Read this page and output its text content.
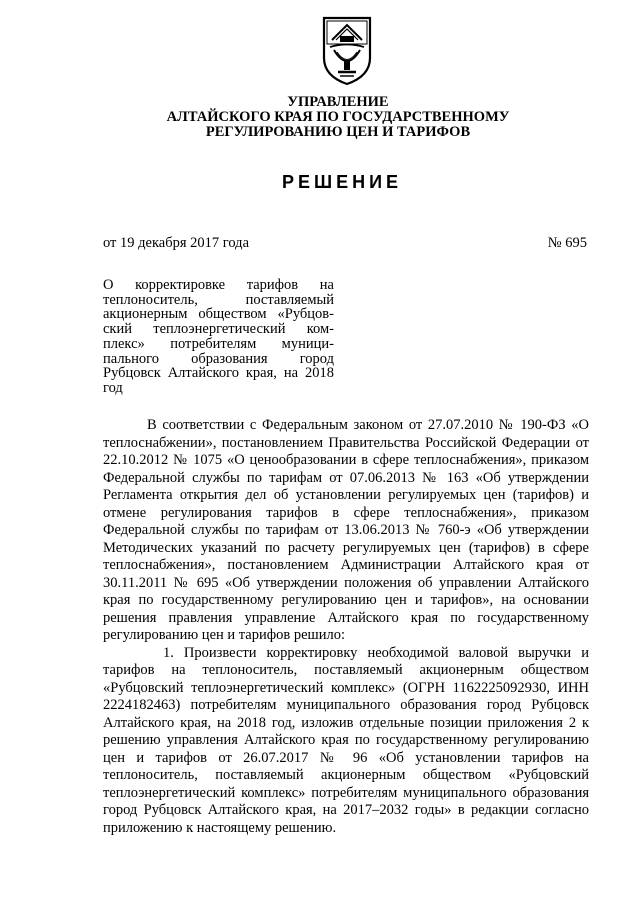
УПРАВЛЕНИЕ
АЛТАЙСКОГО КРАЯ ПО ГОСУДАРСТВЕННОМУ
РЕГУЛИРОВАНИЮ ЦЕН И ТАРИФОВ
РЕШЕНИЕ
от 19 декабря 2017 года	№ 695
О корректировке тарифов на теплоноситель, поставляемый акционерным обществом «Рубцовский теплоэнергетический комплекс» потребителям муниципального образования город Рубцовск Алтайского края, на 2018 год

В соответствии с Федеральным законом от 27.07.2010 № 190-ФЗ «О теплоснабжении», постановлением Правительства Российской Федерации от 22.10.2012 № 1075 «О ценообразовании в сфере теплоснабжения», приказом Федеральной службы по тарифам от 07.06.2013 № 163 «Об утверждении Регламента открытия дел об установлении регулируемых цен (тарифов) и отмене регулирования тарифов в сфере теплоснабжения», приказом Федеральной службы по тарифам от 13.06.2013 № 760-э «Об утверждении Методических указаний по расчету регулируемых цен (тарифов) в сфере теплоснабжения», постановлением Администрации Алтайского края от 30.11.2011 № 695 «Об утверждении положения об управлении Алтайского края по государственному регулированию цен и тарифов», на основании решения правления управление Алтайского края по государственному регулированию цен и тарифов решило:

1. Произвести корректировку необходимой валовой выручки и тарифов на теплоноситель, поставляемый акционерным обществом «Рубцовский теплоэнергетический комплекс» (ОГРН 1162225092930, ИНН 2224182463) потребителям муниципального образования город Рубцовск Алтайского края, на 2018 год, изложив отдельные позиции приложения 2 к решению управления Алтайского края по государственному регулированию цен и тарифов от 26.07.2017 № 96 «Об установлении тарифов на теплоноситель, поставляемый акционерным обществом «Рубцовский теплоэнергетический комплекс» потребителям муниципального образования город Рубцовск Алтайского края, на 2017–2032 годы» в редакции согласно приложению к настоящему решению.
